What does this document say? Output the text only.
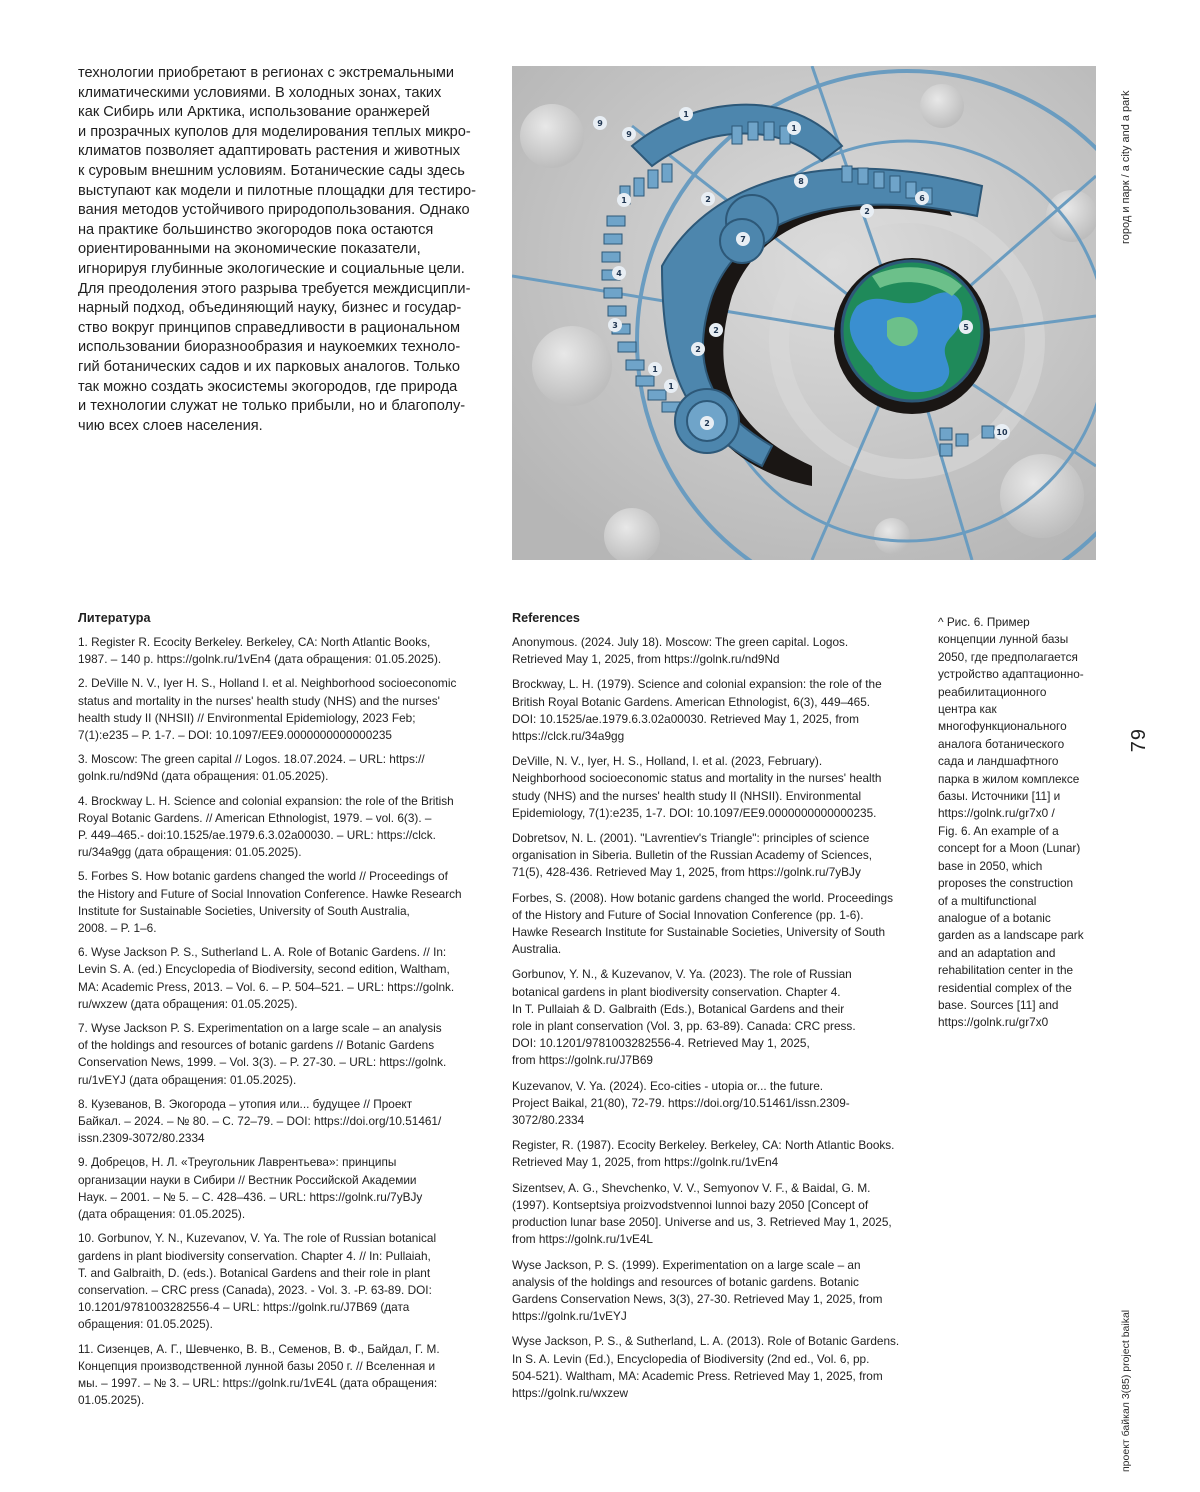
технологии приобретают в регионах с экстремальными
климатическими условиями. В холодных зонах, таких
как Сибирь или Арктика, использование оранжерей
и прозрачных куполов для моделирования теплых микро-
климатов позволяет адаптировать растения и животных
к суровым внешним условиям. Ботанические сады здесь
выступают как модели и пилотные площадки для тестиро-
вания методов устойчивого природопользования. Однако
на практике большинство экогородов пока остаются
ориентированными на экономические показатели,
игнорируя глубинные экологические и социальные цели.
Для преодоления этого разрыва требуется междисципли-
нарный подход, объединяющий науку, бизнес и государ-
ство вокруг принципов справедливости в рациональном
использовании биоразнообразия и наукоемких техноло-
гий ботанических садов и их парковых аналогов. Только
так можно создать экосистемы экогородов, где природа
и технологии служат не только прибыли, но и благополу-
чию всех слоев населения.

9
9
1
1
8
6
2
1	2
7
4
3
2
2
1
1
2
5
10
город и парк / a city and a park
79
проект байкал 3(85) project baikal
Литература
1. Register R. Ecocity Berkeley. Berkeley, CA: North Atlantic Books,
1987. – 140 p. https://golnk.ru/1vEn4 (дата обращения: 01.05.2025).
2. DeVille N. V., Iyer H. S., Holland I. et al. Neighborhood socioeconomic
status and mortality in the nurses' health study (NHS) and the nurses'
health study II (NHSII) // Environmental Epidemiology, 2023 Feb;
7(1):e235 – P. 1-7. – DOI: 10.1097/EE9.0000000000000235
3. Moscow: The green capital // Logos. 18.07.2024. – URL: https://
golnk.ru/nd9Nd (дата обращения: 01.05.2025).
4. Brockway L. H. Science and colonial expansion: the role of the British
Royal Botanic Gardens. // American Ethnologist, 1979. – vol. 6(3). –
P. 449–465.- doi:10.1525/ae.1979.6.3.02a00030. – URL: https://clck.
ru/34a9gg (дата обращения: 01.05.2025).
5. Forbes S. How botanic gardens changed the world // Proceedings of
the History and Future of Social Innovation Conference. Hawke Research
Institute for Sustainable Societies, University of South Australia,
2008. – P. 1–6.
6. Wyse Jackson P. S., Sutherland L. A. Role of Botanic Gardens. // In:
Levin S. A. (ed.) Encyclopedia of Biodiversity, second edition, Waltham,
MA: Academic Press, 2013. – Vol. 6. – P. 504–521. – URL: https://golnk.
ru/wxzew (дата обращения: 01.05.2025).
7. Wyse Jackson P. S. Experimentation on a large scale – an analysis
of the holdings and resources of botanic gardens // Botanic Gardens
Conservation News, 1999. – Vol. 3(3). – P. 27-30. – URL: https://golnk.
ru/1vEYJ (дата обращения: 01.05.2025).
8. Кузеванов, В. Экогорода – утопия или... будущее // Проект
Байкал. – 2024. – № 80. – С. 72–79. – DOI: https://doi.org/10.51461/
issn.2309-3072/80.2334
9. Добрецов, Н. Л. «Треугольник Лаврентьева»: принципы
организации науки в Сибири // Вестник Российской Академии
Наук. – 2001. – № 5. – С. 428–436. – URL: https://golnk.ru/7yBJy
(дата обращения: 01.05.2025).
10. Gorbunov, Y. N., Kuzevanov, V. Ya. The role of Russian botanical
gardens in plant biodiversity conservation. Chapter 4. // In: Pullaiah,
T. and Galbraith, D. (eds.). Botanical Gardens and their role in plant
conservation. – CRC press (Canada), 2023. - Vol. 3. -P. 63-89. DOI:
10.1201/9781003282556-4 – URL: https://golnk.ru/J7B69 (дата
обращения: 01.05.2025).
11. Сизенцев, А. Г., Шевченко, В. В., Семенов, В. Ф., Байдал, Г. М.
Концепция производственной лунной базы 2050 г. // Вселенная и
мы. – 1997. – № 3. – URL: https://golnk.ru/1vE4L (дата обращения:
01.05.2025).
References
Anonymous. (2024. July 18). Moscow: The green capital. Logos.
Retrieved May 1, 2025, from https://golnk.ru/nd9Nd
Brockway, L. H. (1979). Science and colonial expansion: the role of the
British Royal Botanic Gardens. American Ethnologist, 6(3), 449–465.
DOI: 10.1525/ae.1979.6.3.02a00030. Retrieved May 1, 2025, from
https://clck.ru/34a9gg
DeVille, N. V., Iyer, H. S., Holland, I. et al. (2023, February).
Neighborhood socioeconomic status and mortality in the nurses' health
study (NHS) and the nurses' health study II (NHSII). Environmental
Epidemiology, 7(1):e235, 1-7. DOI: 10.1097/EE9.0000000000000235.
Dobretsov, N. L. (2001). "Lavrentiev's Triangle": principles of science
organisation in Siberia. Bulletin of the Russian Academy of Sciences,
71(5), 428-436. Retrieved May 1, 2025, from https://golnk.ru/7yBJy
Forbes, S. (2008). How botanic gardens changed the world. Proceedings
of the History and Future of Social Innovation Conference (pp. 1-6).
Hawke Research Institute for Sustainable Societies, University of South
Australia.
Gorbunov, Y. N., & Kuzevanov, V. Ya. (2023). The role of Russian
botanical gardens in plant biodiversity conservation. Chapter 4.
In T. Pullaiah & D. Galbraith (Eds.), Botanical Gardens and their
role in plant conservation (Vol. 3, pp. 63-89). Canada: CRC press.
DOI: 10.1201/9781003282556-4. Retrieved May 1, 2025,
from https://golnk.ru/J7B69
Kuzevanov, V. Ya. (2024). Eco-cities - utopia or... the future.
Project Baikal, 21(80), 72-79. https://doi.org/10.51461/issn.2309-
3072/80.2334
Register, R. (1987). Ecocity Berkeley. Berkeley, CA: North Atlantic Books.
Retrieved May 1, 2025, from https://golnk.ru/1vEn4
Sizentsev, A. G., Shevchenko, V. V., Semyonov V. F., & Baidal, G. M.
(1997). Kontseptsiya proizvodstvennoi lunnoi bazy 2050 [Concept of
production lunar base 2050]. Universe and us, 3. Retrieved May 1, 2025,
from https://golnk.ru/1vE4L
Wyse Jackson, P. S. (1999). Experimentation on a large scale – an
analysis of the holdings and resources of botanic gardens. Botanic
Gardens Conservation News, 3(3), 27-30. Retrieved May 1, 2025, from
https://golnk.ru/1vEYJ
Wyse Jackson, P. S., & Sutherland, L. A. (2013). Role of Botanic Gardens.
In S. A. Levin (Ed.), Encyclopedia of Biodiversity (2nd ed., Vol. 6, pp.
504-521). Waltham, MA: Academic Press. Retrieved May 1, 2025, from
https://golnk.ru/wxzew
^ Рис. 6. Пример
концепции лунной базы
2050, где предполагается
устройство адаптационно-
реабилитационного
центра как
многофункционального
аналога ботанического
сада и ландшафтного
парка в жилом комплексе
базы. Источники [11] и
https://golnk.ru/gr7x0 /
Fig. 6. An example of a
concept for a Moon (Lunar)
base in 2050, which
proposes the construction
of a multifunctional
analogue of a botanic
garden as a landscape park
and an adaptation and
rehabilitation center in the
residential complex of the
base. Sources [11] and
https://golnk.ru/gr7x0
